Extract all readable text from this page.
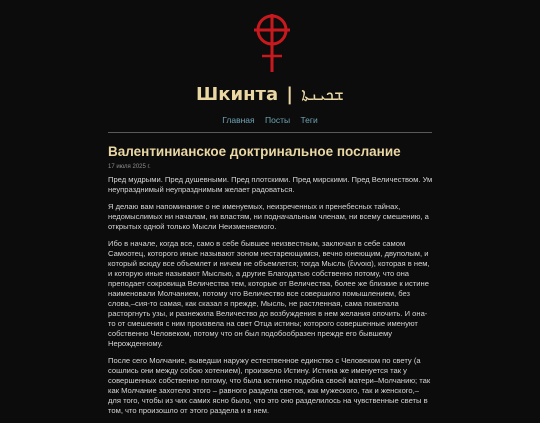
Шкинта | ܫܟܝܢܬܐ
Главная Посты Теги
Валентинианское доктринальное послание
17 июля 2025 г.

Пред мудрыми. Пред душевными. Пред плотскими. Пред мирскими. Пред Величеством. Ум неупразднимый неупразднимым желает радоваться.

Я делаю вам напоминание о не именуемых, неизреченных и пренебесных тайнах, недомыслимых ни началам, ни властям, ни подначальным членам, ни всему смешению, а открытых одной только Мысли Неизменяемого.

Ибо в начале, когда все, само в себе бывшее неизвестным, заключал в себе самом Самоотец, которого иные называют эоном нестареющимся, вечно юнеющим, двуполым, и который всюду все объемлет и ничем не объемлется; тогда Мысль (ἔννοια), которая в нем, и которую иные называют Мыслью, а другие Благодатью собственно потому, что она преподает сокровища Величества тем, которые от Величества, более же близкие к истине наименовали Молчанием, потому что Величество все совершило помышлением, без слова,–сия-то самая, как сказал я прежде, Мысль, не растленная, сама пожелала расторгнуть узы, и разнежила Величество до возбуждения в нем желания опочить. И она-то от смешения с ним произвела на свет Отца истины; которого совершенные именуют собственно Человеком, потому что он был подобообразен прежде его бывшему Нерожденному.

После сего Молчание, выведши наружу естественное единство с Человеком по свету (а сошлись они между собою хотением), произвело Истину. Истина же именуется так у совершенных собственно потому, что была истинно подобна своей матери–Молчанию; так как Молчание захотело этого – равного раздела светов, как мужеского, так и женского,– для того, чтобы из чих самих ясно было, что это оно разделилось на чувственные светы в том, что произошло от этого раздела и в нем.
